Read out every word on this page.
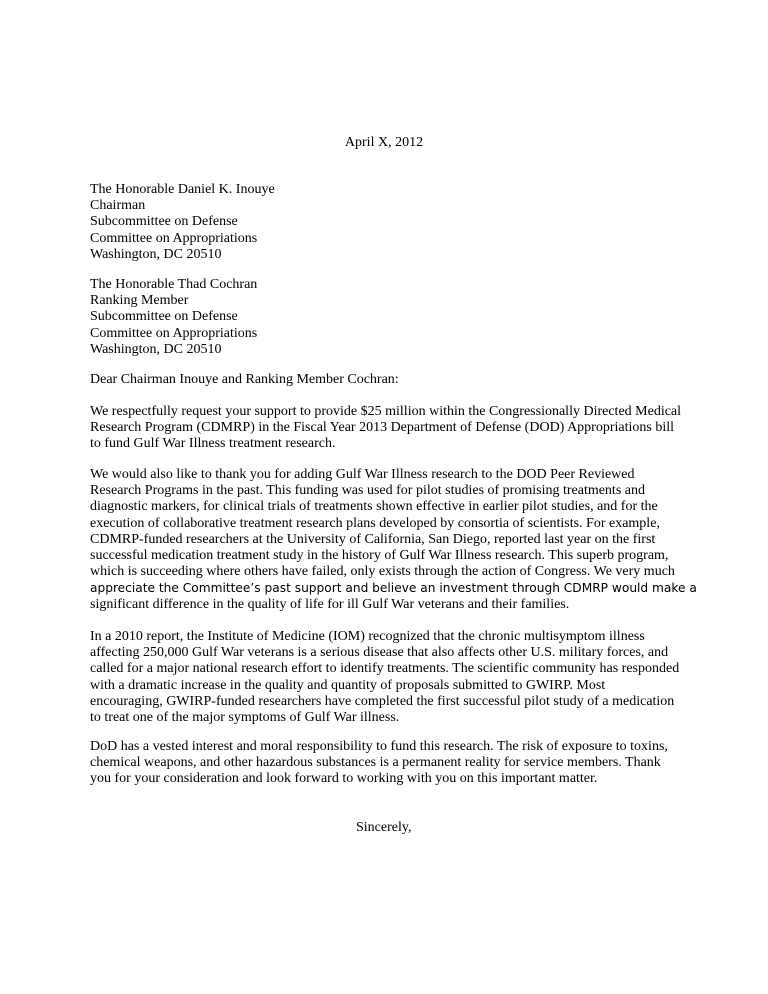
April X, 2012
The Honorable Daniel K. Inouye
Chairman
Subcommittee on Defense
Committee on Appropriations
Washington, DC 20510
The Honorable Thad Cochran
Ranking Member
Subcommittee on Defense
Committee on Appropriations
Washington, DC 20510
Dear Chairman Inouye and Ranking Member Cochran:
We respectfully request your support to provide $25 million within the Congressionally Directed Medical
Research Program (CDMRP) in the Fiscal Year 2013 Department of Defense (DOD) Appropriations bill
to fund Gulf War Illness treatment research.
We would also like to thank you for adding Gulf War Illness research to the DOD Peer Reviewed
Research Programs in the past. This funding was used for pilot studies of promising treatments and
diagnostic markers, for clinical trials of treatments shown effective in earlier pilot studies, and for the
execution of collaborative treatment research plans developed by consortia of scientists. For example,
CDMRP-funded researchers at the University of California, San Diego, reported last year on the first
successful medication treatment study in the history of Gulf War Illness research. This superb program,
which is succeeding where others have failed, only exists through the action of Congress. We very much
appreciate the Committee’s past support and believe an investment through CDMRP would make a
significant difference in the quality of life for ill Gulf War veterans and their families.
In a 2010 report, the Institute of Medicine (IOM) recognized that the chronic multisymptom illness
affecting 250,000 Gulf War veterans is a serious disease that also affects other U.S. military forces, and
called for a major national research effort to identify treatments. The scientific community has responded
with a dramatic increase in the quality and quantity of proposals submitted to GWIRP. Most
encouraging, GWIRP-funded researchers have completed the first successful pilot study of a medication
to treat one of the major symptoms of Gulf War illness.
DoD has a vested interest and moral responsibility to fund this research. The risk of exposure to toxins,
chemical weapons, and other hazardous substances is a permanent reality for service members. Thank
you for your consideration and look forward to working with you on this important matter.
Sincerely,
